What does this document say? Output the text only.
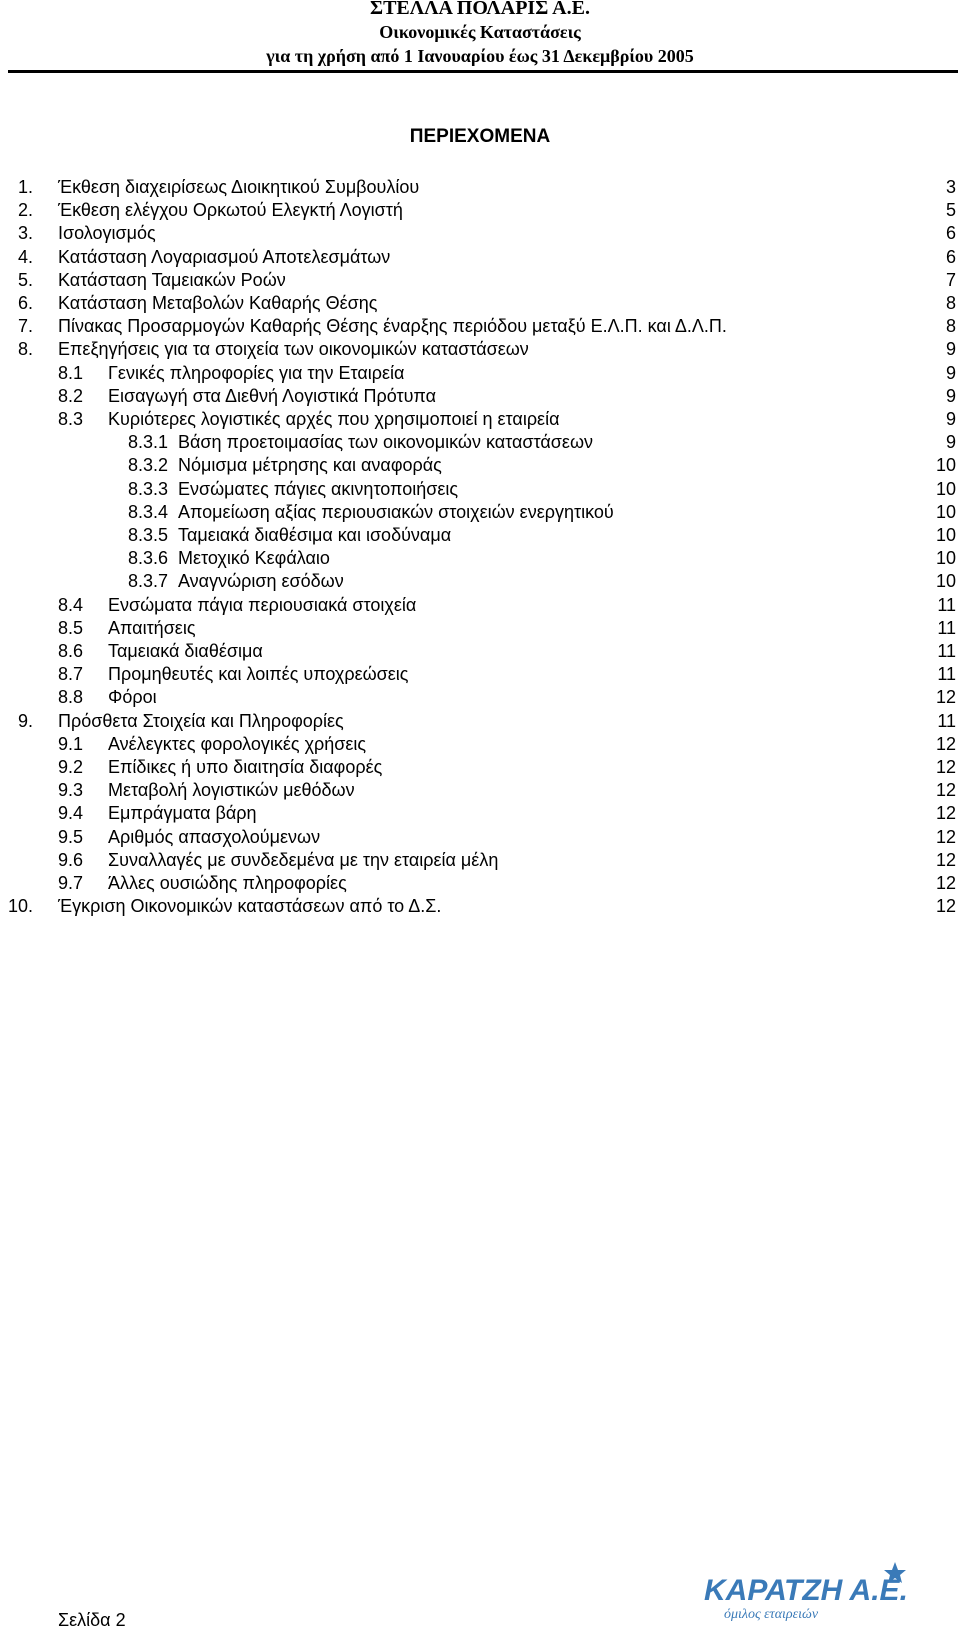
ΣΤΕΛΛΑ ΠΟΛΑΡΙΣ Α.Ε.
Οικονομικές Καταστάσεις
για τη χρήση από 1 Ιανουαρίου έως 31 Δεκεμβρίου 2005
ΠΕΡΙΕΧΟΜΕΝΑ
1. Έκθεση διαχειρίσεως Διοικητικού Συμβουλίου	3
2. Έκθεση ελέγχου Ορκωτού Ελεγκτή Λογιστή	5
3. Ισολογισμός	6
4. Κατάσταση Λογαριασμού Αποτελεσμάτων	6
5. Κατάσταση Ταμειακών Ροών	7
6. Κατάσταση Μεταβολών Καθαρής Θέσης	8
7. Πίνακας Προσαρμογών Καθαρής Θέσης έναρξης περιόδου μεταξύ Ε.Λ.Π. και Δ.Λ.Π.	8
8. Επεξηγήσεις για τα στοιχεία των οικονομικών καταστάσεων	9
8.1 Γενικές πληροφορίες για την Εταιρεία	9
8.2 Εισαγωγή στα Διεθνή Λογιστικά Πρότυπα	9
8.3 Κυριότερες λογιστικές αρχές που χρησιμοποιεί η εταιρεία	9
8.3.1 Βάση προετοιμασίας των οικονομικών καταστάσεων	9
8.3.2 Νόμισμα μέτρησης και αναφοράς	10
8.3.3 Ενσώματες πάγιες ακινητοποιήσεις	10
8.3.4 Απομείωση αξίας περιουσιακών στοιχειών ενεργητικού	10
8.3.5 Ταμειακά διαθέσιμα και ισοδύναμα	10
8.3.6 Μετοχικό Κεφάλαιο	10
8.3.7 Αναγνώριση εσόδων	10
8.4 Ενσώματα πάγια περιουσιακά στοιχεία	11
8.5 Απαιτήσεις	11
8.6 Ταμειακά διαθέσιμα	11
8.7 Προμηθευτές και λοιπές υποχρεώσεις	11
8.8 Φόροι	12
9. Πρόσθετα Στοιχεία και Πληροφορίες	11
9.1 Ανέλεγκτες φορολογικές χρήσεις	12
9.2 Επίδικες ή υπο διαιτησία διαφορές	12
9.3 Μεταβολή λογιστικών μεθόδων	12
9.4 Εμπράγματα βάρη	12
9.5 Αριθμός απασχολούμενων	12
9.6 Συναλλαγές με συνδεδεμένα με την εταιρεία μέλη	12
9.7 Άλλες ουσιώδης πληροφορίες	12
10. Έγκριση Οικονομικών καταστάσεων από το Δ.Σ.	12
Σελίδα 2
ΚΑΡΑΤΖΗ Α.Ε.
όμιλος εταιρειών
